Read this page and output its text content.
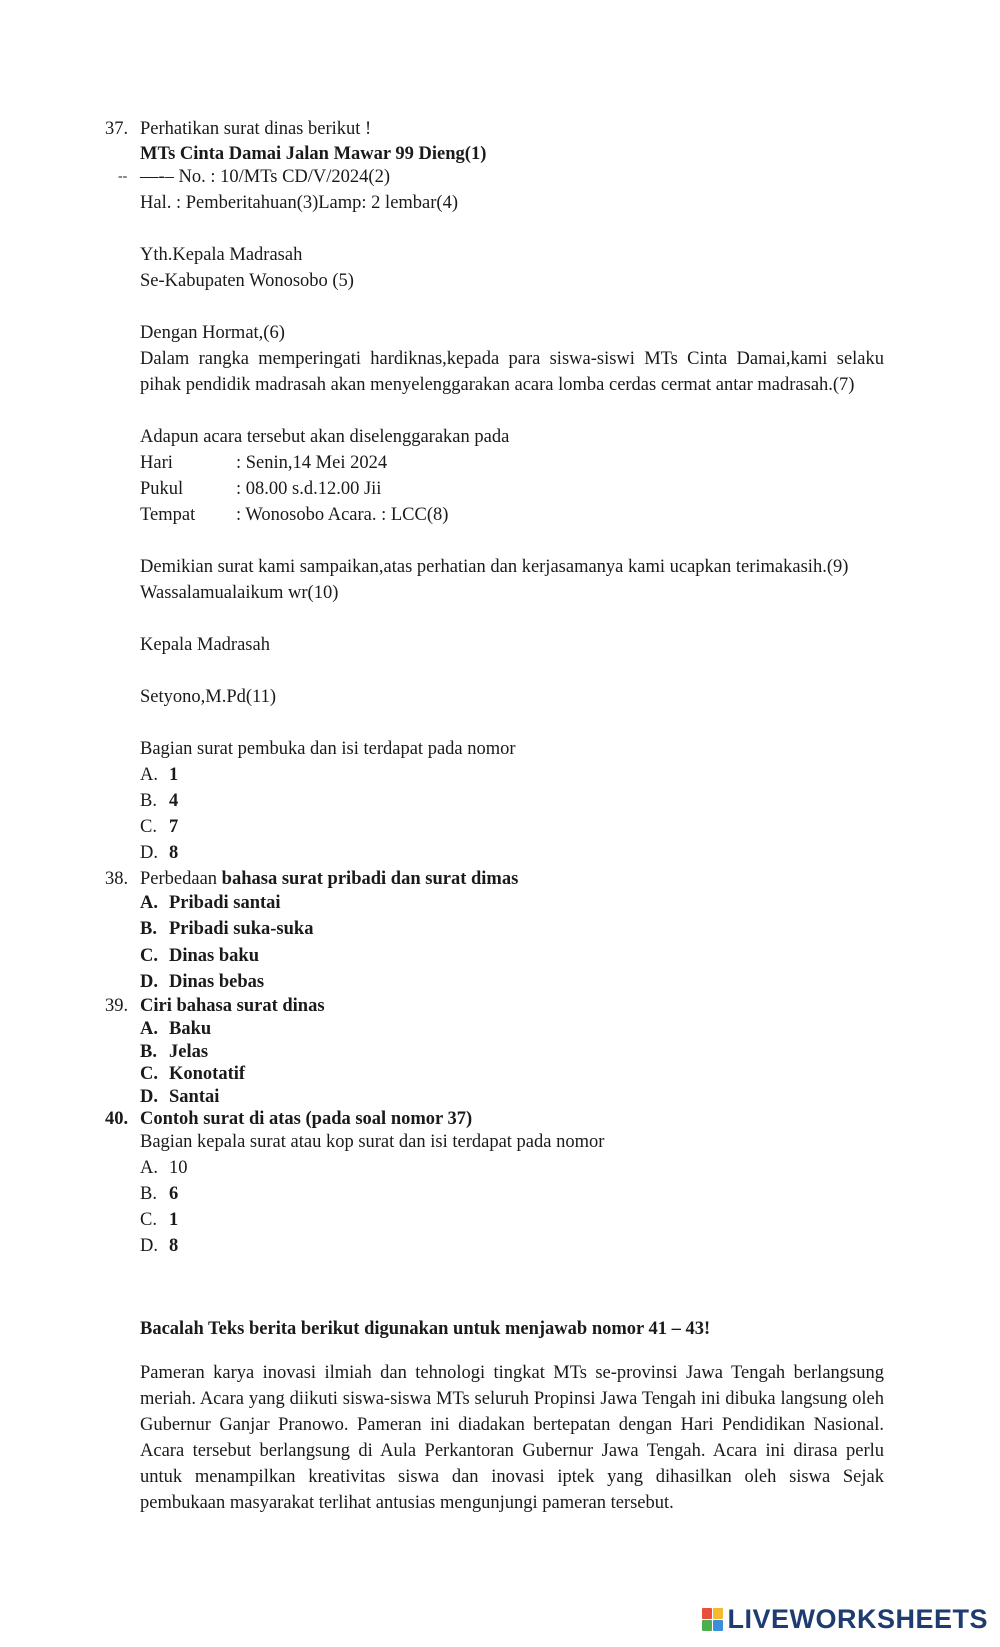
37. Perhatikan surat dinas berikut !
MTs Cinta Damai Jalan Mawar 99 Dieng(1)
-- —-– No. : 10/MTs CD/V/2024(2)
Hal. : Pemberitahuan(3)Lamp: 2 lembar(4)
Yth.Kepala Madrasah
Se-Kabupaten Wonosobo (5)
Dengan Hormat,(6)
Dalam rangka memperingati hardiknas,kepada para siswa-siswi MTs Cinta Damai,kami selaku pihak pendidik madrasah akan menyelenggarakan acara lomba cerdas cermat antar madrasah.(7)
Adapun acara tersebut akan diselenggarakan pada
Hari	: Senin,14 Mei 2024
Pukul	: 08.00 s.d.12.00 Jii
Tempat : Wonosobo Acara. : LCC(8)
Demikian surat kami sampaikan,atas perhatian dan kerjasamanya kami ucapkan terimakasih.(9)
Wassalamualaikum wr(10)
Kepala Madrasah
Setyono,M.Pd(11)
Bagian surat pembuka dan isi terdapat pada nomor
A. 1
B. 4
C. 7
D. 8
38. Perbedaan bahasa surat pribadi dan surat dimas
A. Pribadi santai
B. Pribadi suka-suka
C. Dinas baku
D. Dinas bebas
39. Ciri bahasa surat dinas
A. Baku
B. Jelas
C. Konotatif
D. Santai
40. Contoh surat di atas (pada soal nomor 37)
Bagian kepala surat atau kop surat dan isi terdapat pada nomor
A. 10
B. 6
C. 1
D. 8
Bacalah Teks berita berikut digunakan untuk menjawab nomor 41 – 43!
Pameran karya inovasi ilmiah dan tehnologi tingkat MTs se-provinsi Jawa Tengah berlangsung meriah. Acara yang diikuti siswa-siswa MTs seluruh Propinsi Jawa Tengah ini dibuka langsung oleh Gubernur Ganjar Pranowo. Pameran ini diadakan bertepatan dengan Hari Pendidikan Nasional. Acara tersebut berlangsung di Aula Perkantoran Gubernur Jawa Tengah. Acara ini dirasa perlu untuk menampilkan kreativitas siswa dan inovasi iptek yang dihasilkan oleh siswa Sejak pembukaan masyarakat terlihat antusias mengunjungi pameran tersebut.
LIVEWORKSHEETS
